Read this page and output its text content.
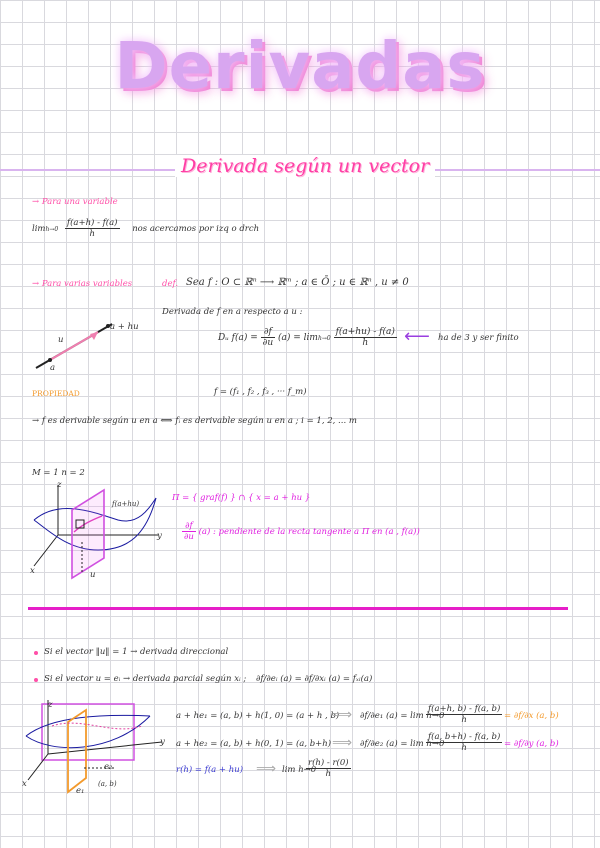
Derivadas
Derivada según un vector
→ Para una variable
$\lim h\to 0 \frac{f(a+h) - f(a)}{h}$ nos acercamos por izq o drch
→ Para varias variables	def. Sea f : O ⊂ ℝⁿ ⟶ ℝᵐ ; a ∈ Ō ; u ∈ ℝⁿ , u ≠ 0
Derivada de f en a respecto a u :
Dᵤ $f(a) = \frac{\partial f}{\partial u} (a) = \lim h\to 0 \frac{f(a+hu) - f(a)}{h}$ ⟵ ha de 3 y ser finito
u
a
a + hu
PROPIEDAD	f = (f₁ , f₂ , f₃ , ··· f_m)
→ f es derivable según u en a ⟺ fᵢ es derivable según u en a ; i = 1, 2, ... m
M = 1 n = 2
z
y
x
f(a+hu)
u
Π = { graf(f) } ∩ { x = a + hu }
$\frac{\partial f}{\partial u} (a)$ : pendiente de la recta tangente a Π en (a , f(a))
Si el vector ‖u‖ = 1 → derivada direccional
Si el vector u = eᵢ → derivada parcial según xᵢ ; ∂f/∂eᵢ (a) = ∂f/∂xᵢ (a) = fₓᵢ(a)
z
y
x
e₂
e₁
(a, b)
a + he₁ = (a, b) + h(1, 0) = (a + h , b)
⟹ ∂f/∂e₁ (a) = lim h→0
$\frac{f(a+h, b) - f(a, b)}{h} = \partial f/\partial x$ (a, b)
a + he₂ = (a, b) + h(0, 1) = (a, b+h) ⟹ ∂f/∂e₂ (a) = lim h→0
$\frac{f(a, b+h) - f(a, b)}{h} = \partial f/\partial y$ (a, b)
r(h) = f(a + hu) ⟹ lim h→0
$\frac{r(h) - r(0)}{h}$
